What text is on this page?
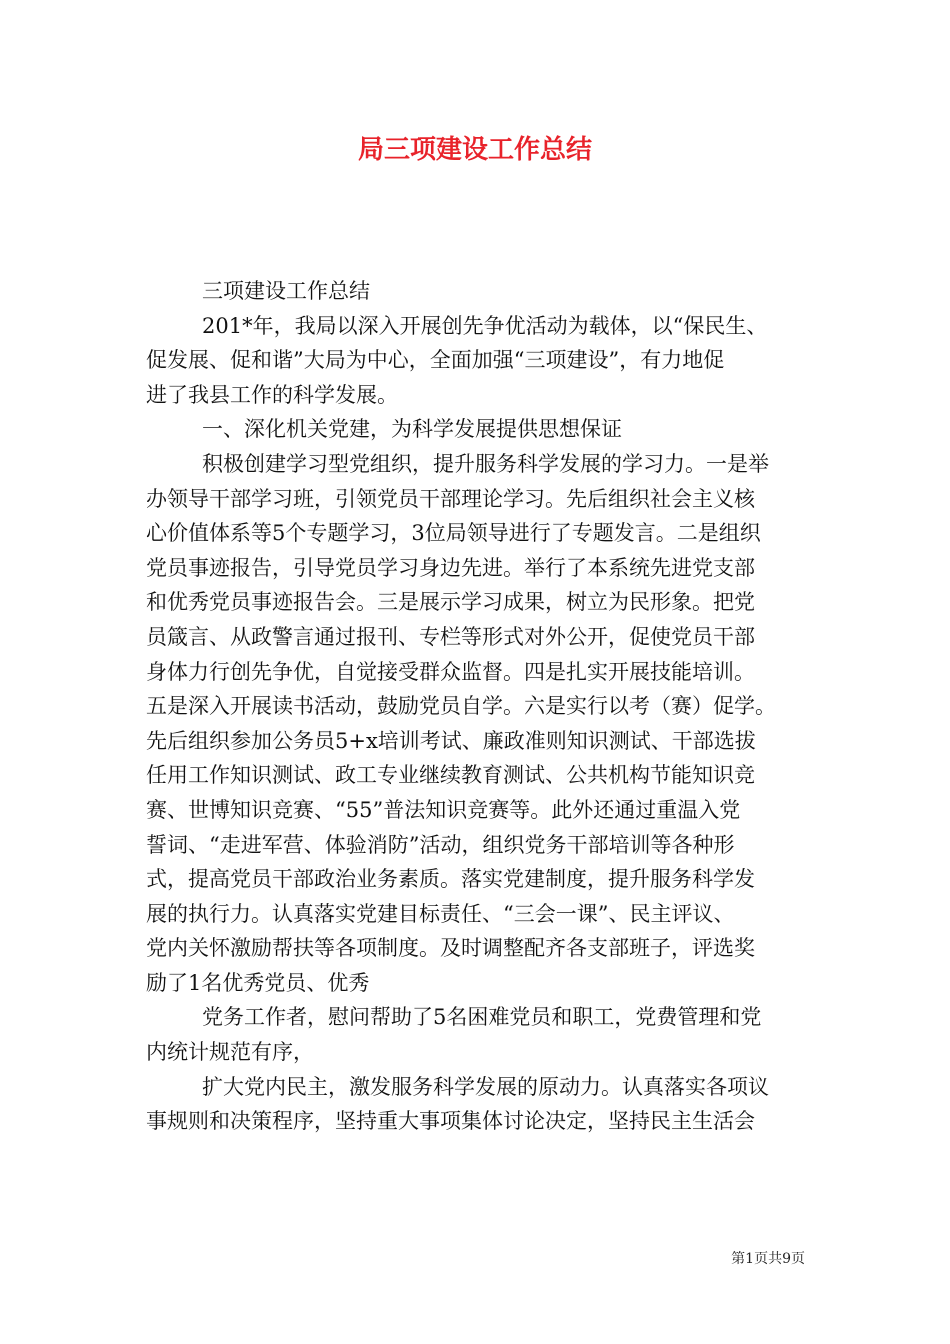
局三项建设工作总结
三项建设工作总结
201*年，我局以深入开展创先争优活动为载体，以“保民生、
促发展、促和谐”大局为中心，全面加强“三项建设”，有力地促
进了我县工作的科学发展。
一、深化机关党建，为科学发展提供思想保证
积极创建学习型党组织，提升服务科学发展的学习力。一是举
办领导干部学习班，引领党员干部理论学习。先后组织社会主义核
心价值体系等5个专题学习，3位局领导进行了专题发言。二是组织
党员事迹报告，引导党员学习身边先进。举行了本系统先进党支部
和优秀党员事迹报告会。三是展示学习成果，树立为民形象。把党
员箴言、从政警言通过报刊、专栏等形式对外公开，促使党员干部
身体力行创先争优，自觉接受群众监督。四是扎实开展技能培训。
五是深入开展读书活动，鼓励党员自学。六是实行以考（赛）促学。
先后组织参加公务员5+x培训考试、廉政准则知识测试、干部选拔
任用工作知识测试、政工专业继续教育测试、公共机构节能知识竞
赛、世博知识竞赛、“55”普法知识竞赛等。此外还通过重温入党
誓词、“走进军营、体验消防”活动，组织党务干部培训等各种形
式，提高党员干部政治业务素质。落实党建制度，提升服务科学发
展的执行力。认真落实党建目标责任、“三会一课”、民主评议、
党内关怀激励帮扶等各项制度。及时调整配齐各支部班子，评选奖
励了1名优秀党员、优秀
党务工作者，慰问帮助了5名困难党员和职工，党费管理和党
内统计规范有序，
扩大党内民主，激发服务科学发展的原动力。认真落实各项议
事规则和决策程序，坚持重大事项集体讨论决定，坚持民主生活会
第1页共9页
